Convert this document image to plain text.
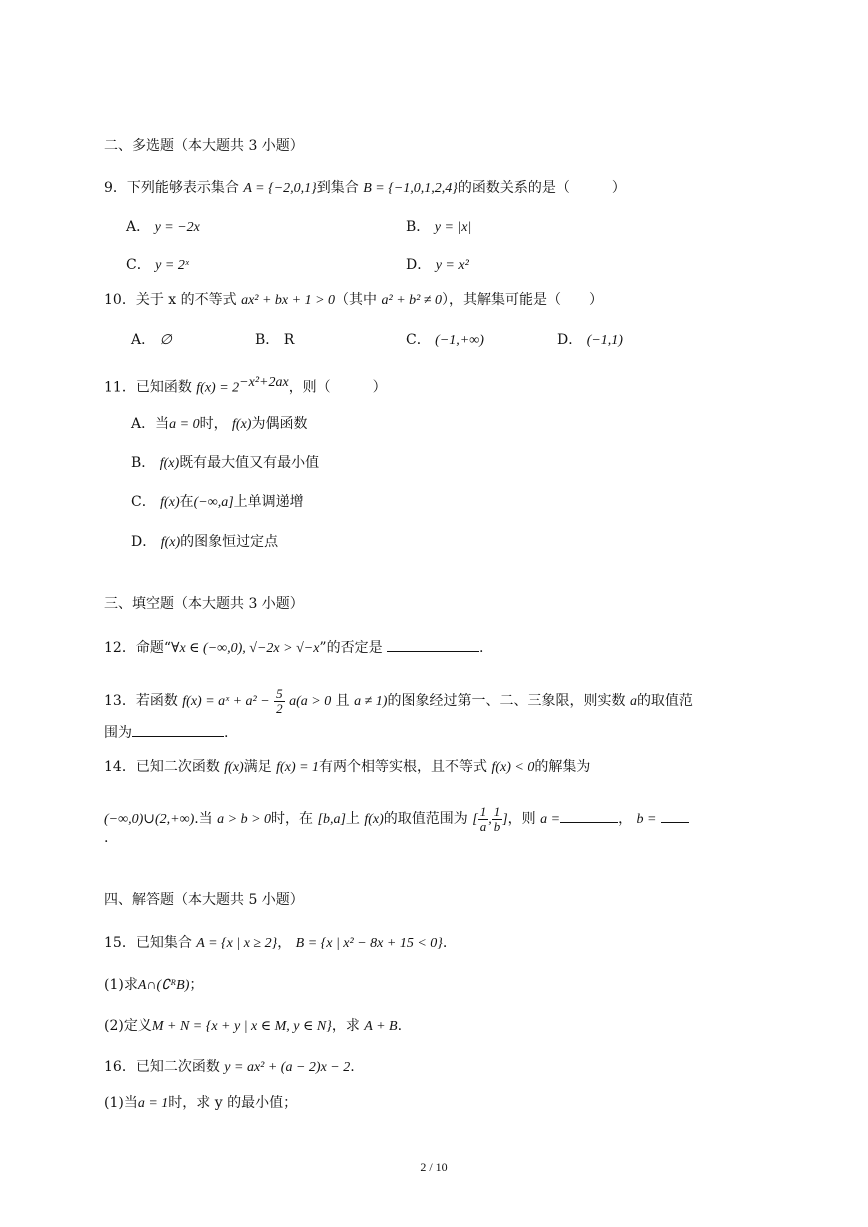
二、多选题（本大题共 3 小题）
9．下列能够表示集合 A = {−2,0,1}到集合 B = {−1,0,1,2,4}的函数关系的是（　　　）
A． y = −2x	B． y = |x|
C． y = 2ˣ	D． y = x²
10．关于 x 的不等式 ax² + bx + 1 > 0（其中 a² + b² ≠ 0），其解集可能是（　　）
A． ∅	B． R	C． (−1,+∞)	D． (−1,1)
11．已知函数 $f(x) = 2^{-x^2+2ax}$，则（　　　）
A．当a = 0时， f(x)为偶函数
B． f(x)既有最大值又有最小值
C． f(x)在(−∞,a]上单调递增
D． f(x)的图象恒过定点
三、填空题（本大题共 3 小题）
12．命题“∀x ∈ (−∞,0), √−2x > √−x”的否定是	.
13．若函数 f(x) = aˣ + $a^2 - \frac{5}{2} a(a > 0$ 且 a ≠ 1)的图象经过第一、二、三象限，则实数 a的取值范
围为	.
14．已知二次函数 f(x)满足 f(x) = 1有两个相等实根，且不等式 f(x) < 0的解集为
(−∞,0)∪(2,+∞).当 a > b > 0时，在 [b,a]上 f(x)的取值范围为 [ $\frac{1}{a}$ , $\frac{1}{b}$ ]，则 a =	， b =
.
四、解答题（本大题共 5 小题）
15．已知集合 A = {x | x ≥ 2}， B = {x | x² − 8x + 15 < 0}.
(1)求A∩(∁ᴿB)；
(2)定义M + N = {x + y | x ∈ M, y ∈ N}，求 A + B.
16．已知二次函数 y = ax² + (a − 2)x − 2.
(1)当a = 1时，求 y 的最小值；
2 / 10
